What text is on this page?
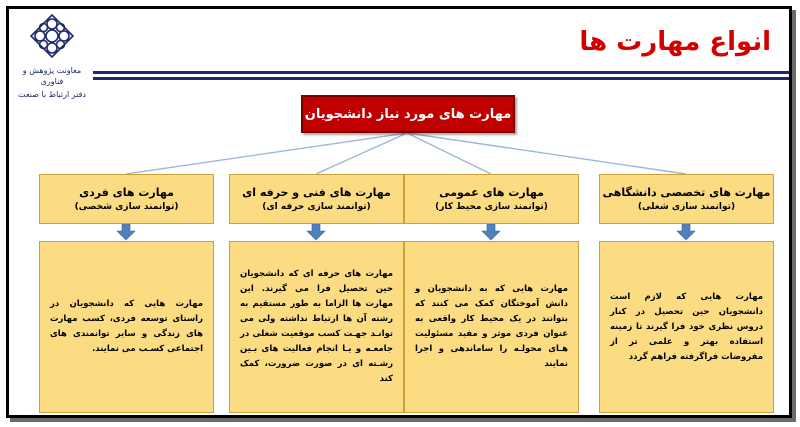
معاونت پژوهش و فناوری
دفتر ارتباط با صنعت
انواع مهارت ها
مهارت های مورد نیاز دانشجویان
مهارت های تخصصی دانشگاهی
(توانمند سازی شغلی)
مهارت های عمومی
(توانمند سازی محیط کار)
مهارت های فنی و حرفه ای
(توانمند سازی حرفه ای)
مهارت های فردی
(توانمند سازی شخصی)
مهارت هایی که لازم است دانشجویان حین تحصیل در کنار دروس نظری خود فرا گیرند تا زمینه استفاده بهتر و علمی تر از مفروضات فراگرفته فراهم گردد
مهارت هایی که به دانشجویان و دانش آموختگان کمک می کنند که بتوانند در یک محیط کار واقعی به عنوان فردی موثر و مفید مسئولیت هـای محولـه را ساماندهی و اجرا نمایند
مهارت های حرفه ای که دانشجویان حین تحصیل فرا می گیرند. این مهارت ها الزاما به طور مستقیم به رشته آن ها ارتباط نداشته ولی می توانـد جهـت کسب موقعیت شغلی در جامعـه و یـا انجام فعالیت های بـین رشـته ای در صورت ضرورت، کمک کند
مهارت هایی که دانشجویان در راستای توسعه فردی، کسب مهارت های زندگی و سایر توانمندی های اجتماعی کسـب می نمایند.
